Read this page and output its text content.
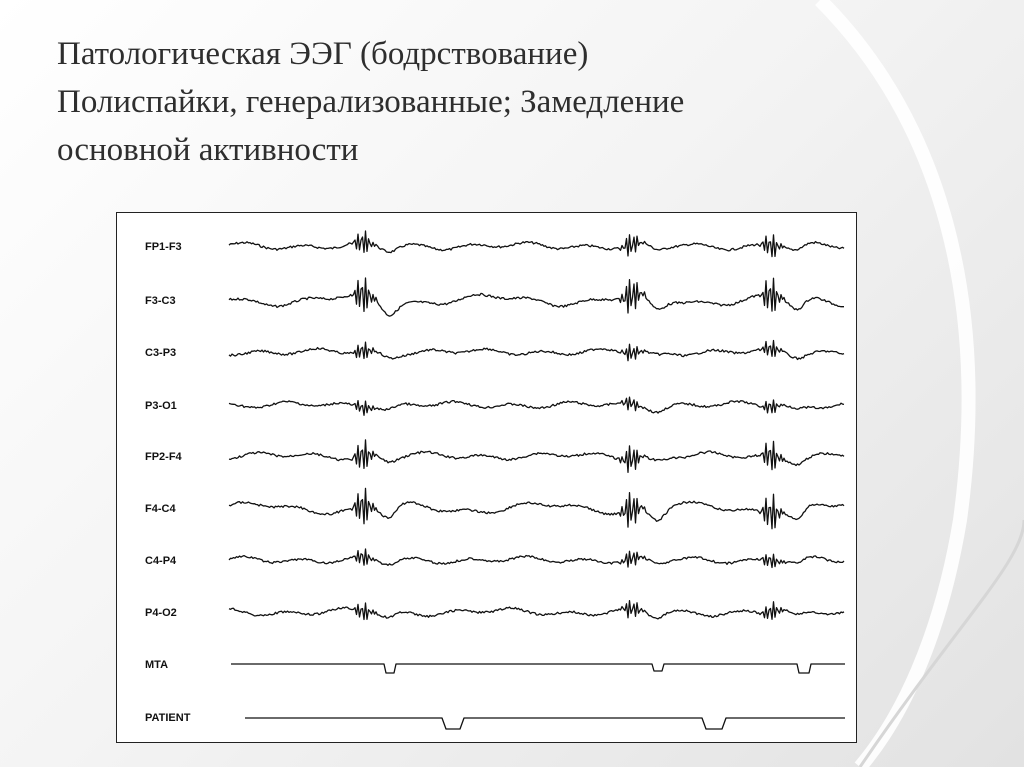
Патологическая ЭЭГ (бодрствование)
Полиспайки, генерализованные; Замедление
основной активности
FP1-F3
F3-C3
C3-P3
P3-O1
FP2-F4
F4-C4
C4-P4
P4-O2
MTA
PATIENT
